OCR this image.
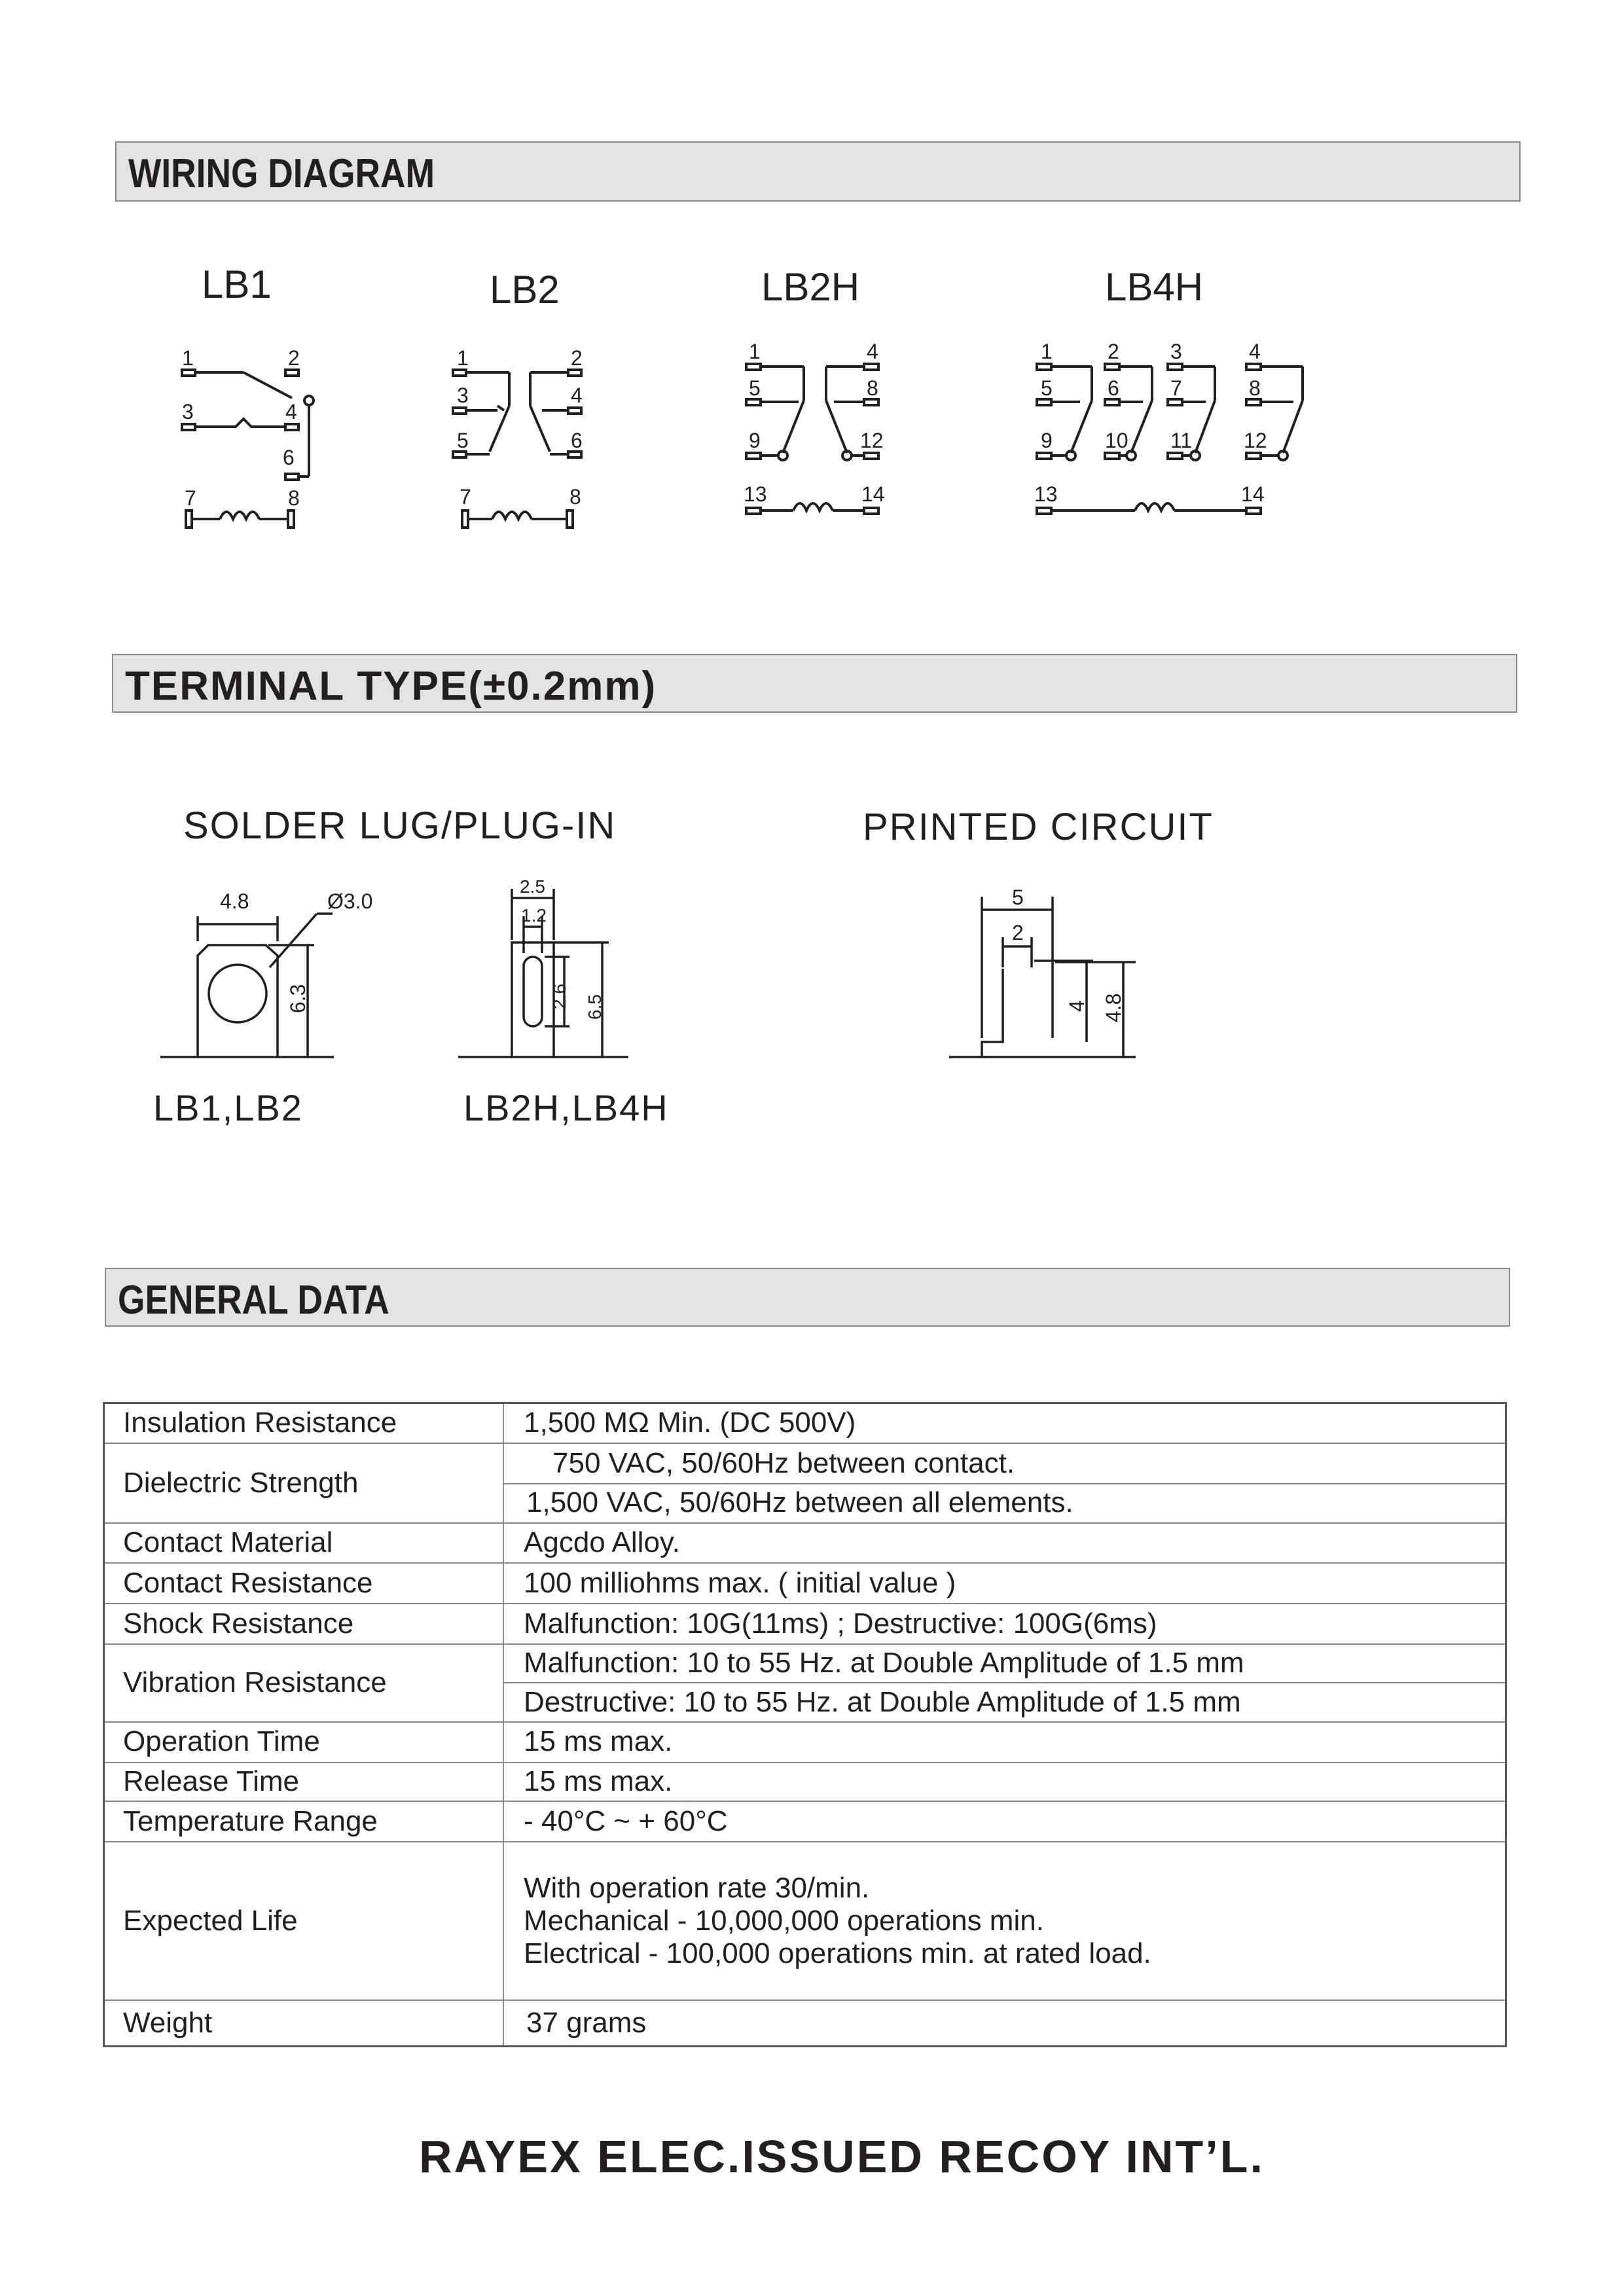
WIRING DIAGRAM
TERMINAL TYPE(±0.2mm)
GENERAL DATA
LB1	LB2	LB2H	LB4H
1	2
3	4
6
7	8
1	2
3	4
5	6
7	8
1	4
5	8
9	12
13	14
1	2 3	4
5	6 7	8
9	10 11 12
13	14
SOLDER LUG/PLUG-IN	PRINTED CIRCUIT
LB1,LB2	LB2H,LB4H
4.8	Ø3.0
6.3
2.5
1.2
2.6 6.5
5
2
4 4.8
Insulation Resistance	1,500 MΩ Min. (DC 500V)
Dielectric Strength	750 VAC, 50/60Hz between contact.
	1,500 VAC, 50/60Hz between all elements.
Contact Material	Agcdo Alloy.
Contact Resistance	100 milliohms max. ( initial value )
Shock Resistance	Malfunction: 10G(11ms) ; Destructive: 100G(6ms)
Vibration Resistance	Malfunction: 10 to 55 Hz. at Double Amplitude of 1.5 mm
	Destructive: 10 to 55 Hz. at Double Amplitude of 1.5 mm
Operation Time	15 ms max.
Release Time	15 ms max.
Temperature Range	- 40°C ~ + 60°C
Expected Life	With operation rate 30/min.
Mechanical - 10,000,000 operations min.
Electrical - 100,000 operations min. at rated load.

Weight	37 grams
RAYEX ELEC.ISSUED RECOY INT’L.
